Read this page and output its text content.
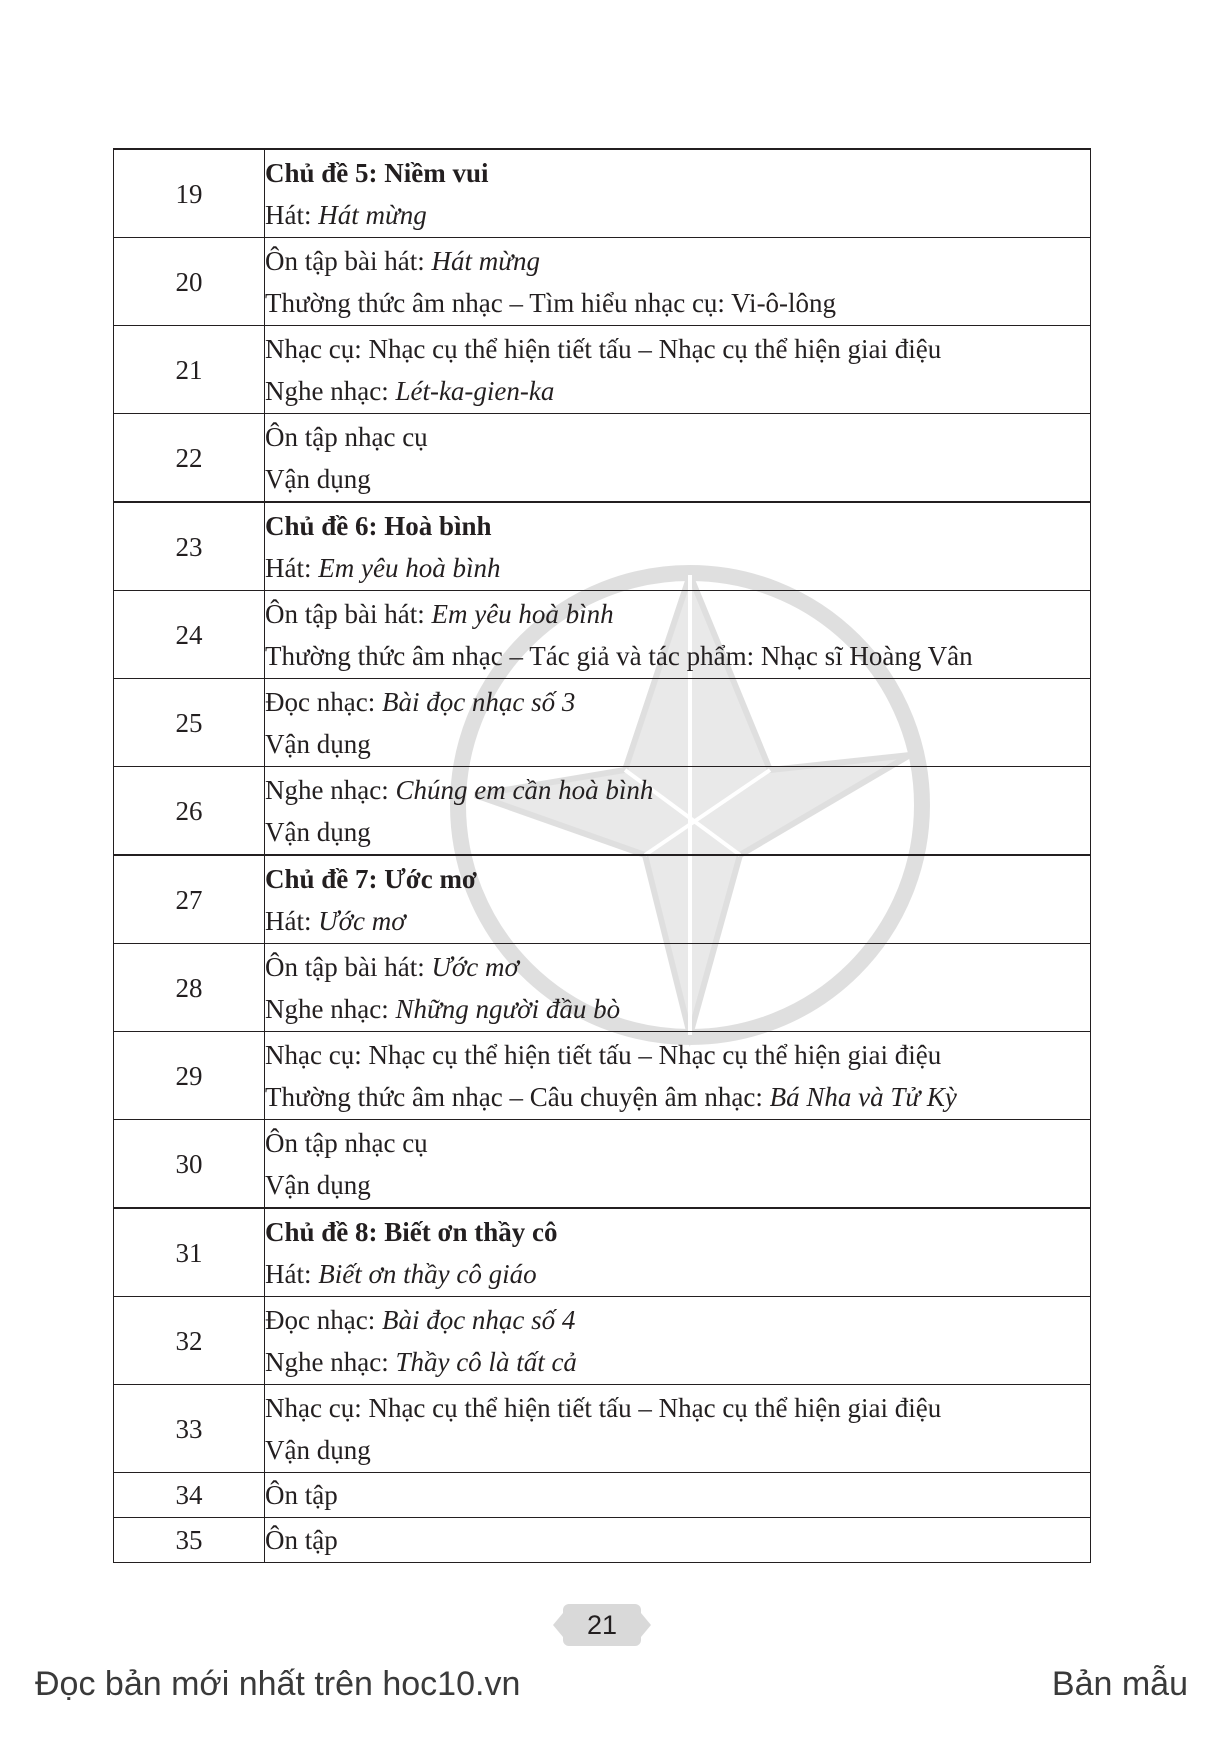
19	Chủ đề 5: Niềm vui
Hát: Hát mừng

20	Ôn tập bài hát: Hát mừng
Thường thức âm nhạc – Tìm hiểu nhạc cụ: Vi-ô-lông

21	Nhạc cụ: Nhạc cụ thể hiện tiết tấu – Nhạc cụ thể hiện giai điệu
Nghe nhạc: Lét-ka-gien-ka

22	Ôn tập nhạc cụ
Vận dụng

23	Chủ đề 6: Hoà bình
Hát: Em yêu hoà bình

24	Ôn tập bài hát: Em yêu hoà bình
Thường thức âm nhạc – Tác giả và tác phẩm: Nhạc sĩ Hoàng Vân

25	Đọc nhạc: Bài đọc nhạc số 3
Vận dụng

26	Nghe nhạc: Chúng em cần hoà bình
Vận dụng

27	Chủ đề 7: Ước mơ
Hát: Ước mơ

28	Ôn tập bài hát: Ước mơ
Nghe nhạc: Những người đầu bò

29	Nhạc cụ: Nhạc cụ thể hiện tiết tấu – Nhạc cụ thể hiện giai điệu
Thường thức âm nhạc – Câu chuyện âm nhạc: Bá Nha và Tử Kỳ

30	Ôn tập nhạc cụ
Vận dụng

31	Chủ đề 8: Biết ơn thầy cô
Hát: Biết ơn thầy cô giáo

32	Đọc nhạc: Bài đọc nhạc số 4
Nghe nhạc: Thầy cô là tất cả

33	Nhạc cụ: Nhạc cụ thể hiện tiết tấu – Nhạc cụ thể hiện giai điệu
Vận dụng

34	Ôn tập

35	Ôn tập
21
Đọc bản mới nhất trên hoc10.vn	Bản mẫu
